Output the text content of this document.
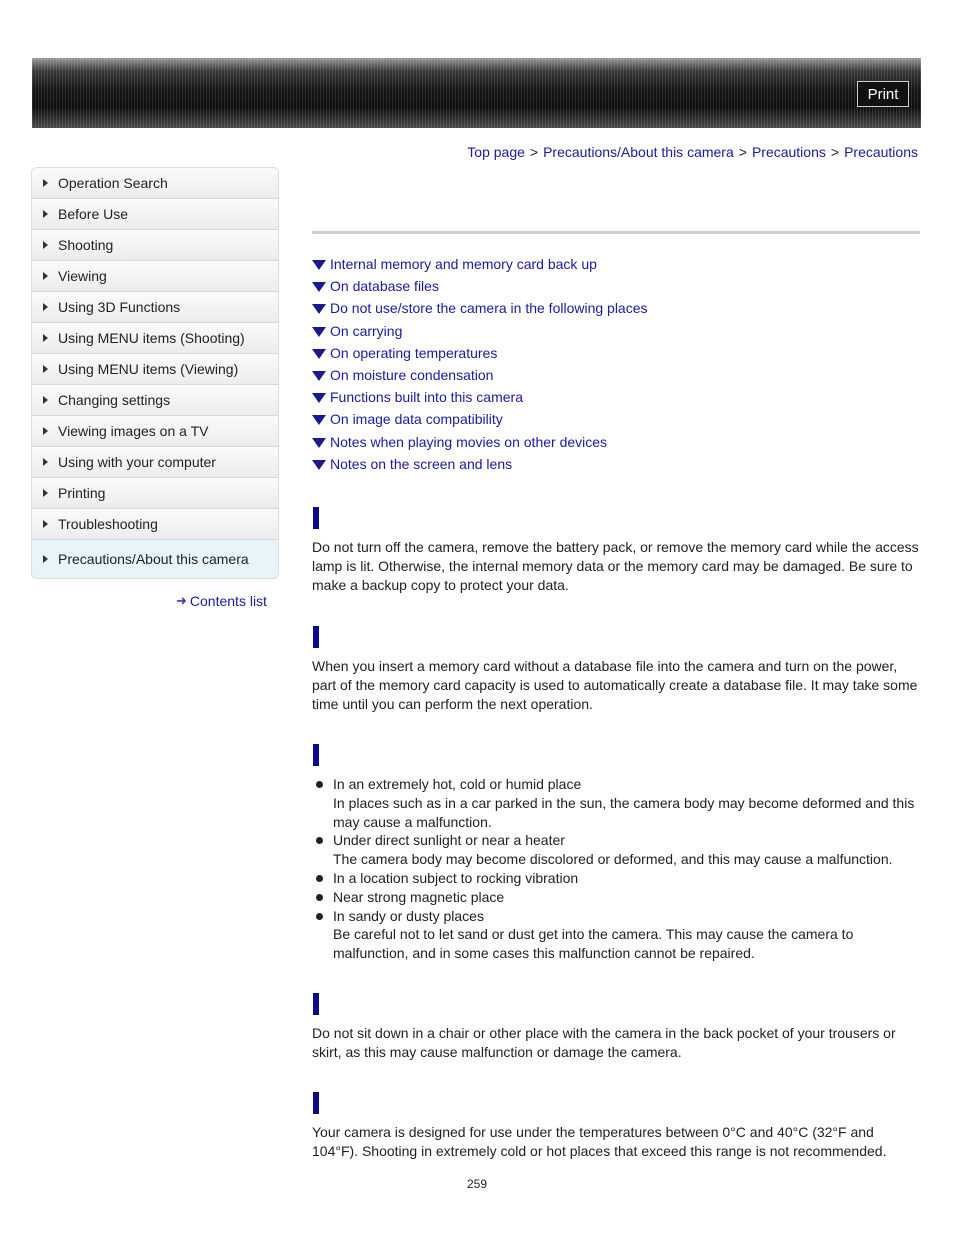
Print
Top page > Precautions/About this camera > Precautions > Precautions
Operation Search
Before Use
Shooting
Viewing
Using 3D Functions
Using MENU items (Shooting)
Using MENU items (Viewing)
Changing settings
Viewing images on a TV
Using with your computer
Printing
Troubleshooting
Precautions/About this camera
➜ Contents list
Internal memory and memory card back up
On database files
Do not use/store the camera in the following places
On carrying
On operating temperatures
On moisture condensation
Functions built into this camera
On image data compatibility
Notes when playing movies on other devices
Notes on the screen and lens

Do not turn off the camera, remove the battery pack, or remove the memory card while the access lamp is lit. Otherwise, the internal memory data or the memory card may be damaged. Be sure to make a backup copy to protect your data.

When you insert a memory card without a database file into the camera and turn on the power, part of the memory card capacity is used to automatically create a database file. It may take some time until you can perform the next operation.

In an extremely hot, cold or humid place
In places such as in a car parked in the sun, the camera body may become deformed and this may cause a malfunction.
Under direct sunlight or near a heater
The camera body may become discolored or deformed, and this may cause a malfunction.
In a location subject to rocking vibration
Near strong magnetic place
In sandy or dusty places
Be careful not to let sand or dust get into the camera. This may cause the camera to malfunction, and in some cases this malfunction cannot be repaired.

Do not sit down in a chair or other place with the camera in the back pocket of your trousers or skirt, as this may cause malfunction or damage the camera.

Your camera is designed for use under the temperatures between 0°C and 40°C (32°F and 104°F). Shooting in extremely cold or hot places that exceed this range is not recommended.

259
